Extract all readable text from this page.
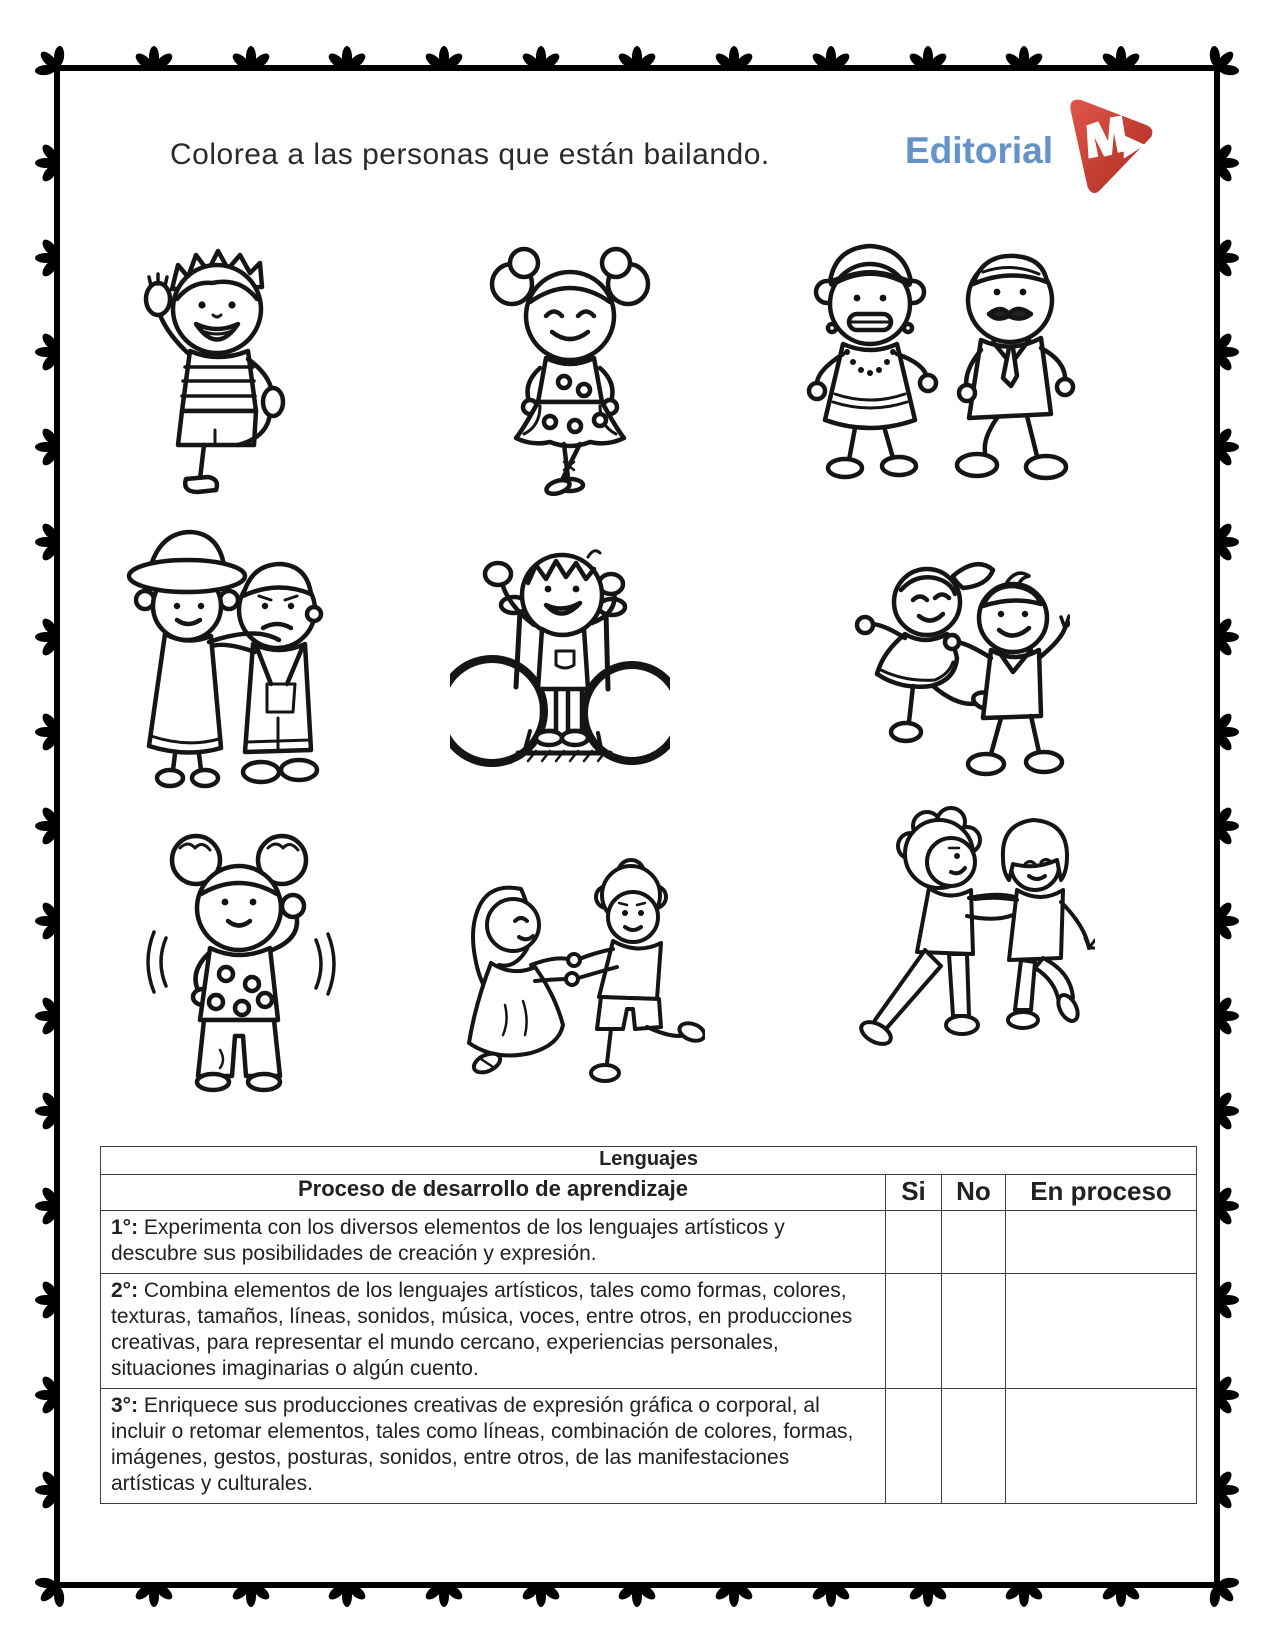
Colorea a las personas que están bailando.	Editorial
Lenguajes			
Proceso de desarrollo de aprendizaje	Si	No	En proceso
1°: Experimenta con los diversos elementos de los lenguajes artísticos y descubre sus posibilidades de creación y expresión.			
2°: Combina elementos de los lenguajes artísticos, tales como formas, colores, texturas, tamaños, líneas, sonidos, música, voces, entre otros, en producciones creativas, para representar el mundo cercano, experiencias personales, situaciones imaginarias o algún cuento.			
3°: Enriquece sus producciones creativas de expresión gráfica o corporal, al incluir o retomar elementos, tales como líneas, combinación de colores, formas, imágenes, gestos, posturas, sonidos, entre otros, de las manifestaciones artísticas y culturales.			
